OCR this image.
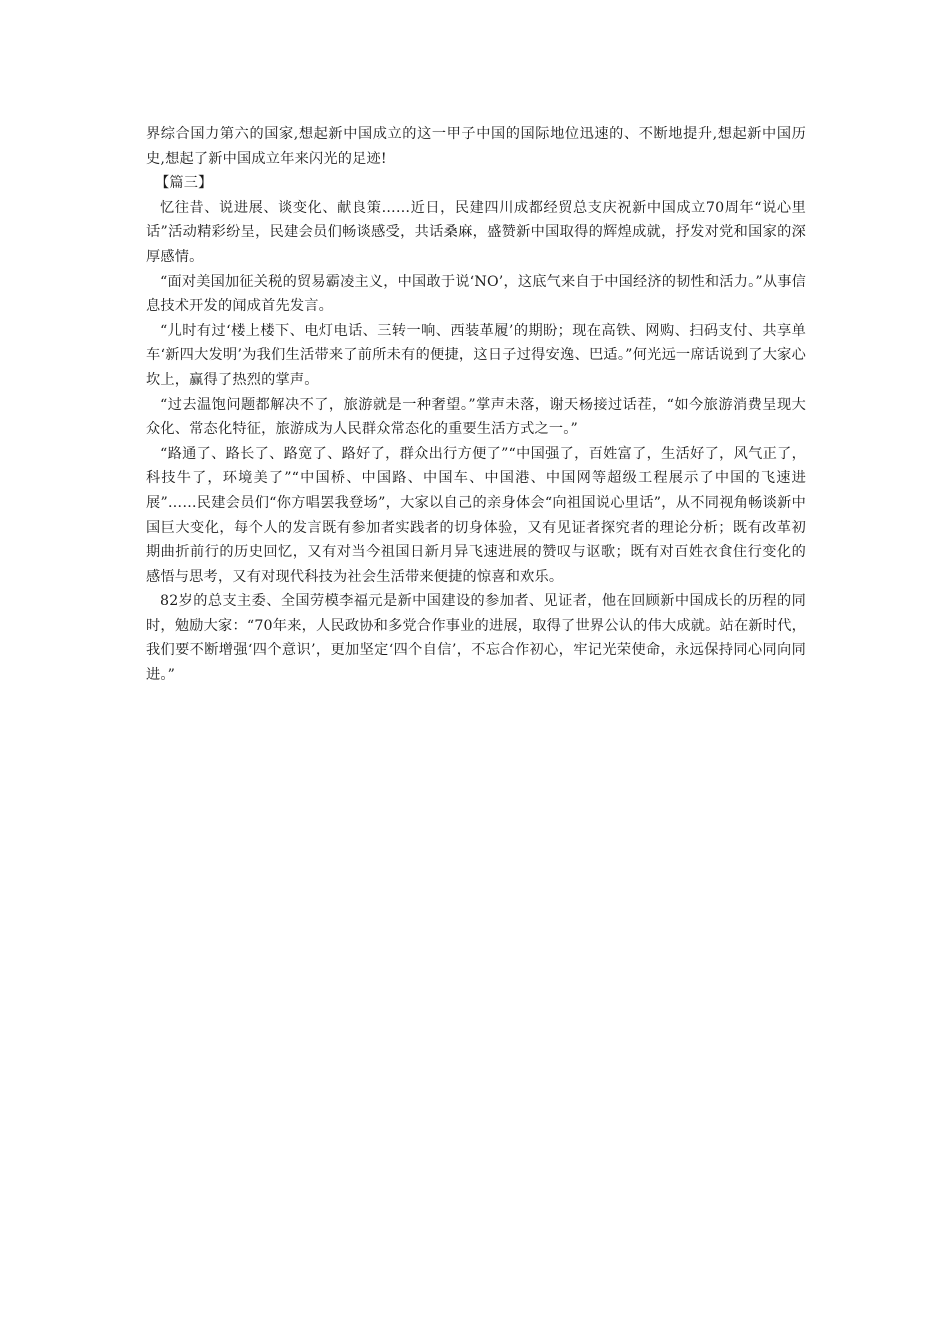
界综合国力第六的国家,想起新中国成立的这一甲子中国的国际地位迅速的、不断地提升,想起新中国历史,想起了新中国成立年来闪光的足迹!

【篇三】

忆往昔、说进展、谈变化、献良策……近日，民建四川成都经贸总支庆祝新中国成立70周年“说心里话”活动精彩纷呈，民建会员们畅谈感受，共话桑麻，盛赞新中国取得的辉煌成就，抒发对党和国家的深厚感情。

“面对美国加征关税的贸易霸凌主义，中国敢于说‘NO’，这底气来自于中国经济的韧性和活力。”从事信息技术开发的闻成首先发言。

“儿时有过‘楼上楼下、电灯电话、三转一响、西装革履’的期盼；现在高铁、网购、扫码支付、共享单车‘新四大发明’为我们生活带来了前所未有的便捷，这日子过得安逸、巴适。”何光远一席话说到了大家心坎上，赢得了热烈的掌声。

“过去温饱问题都解决不了，旅游就是一种奢望。”掌声未落，谢天杨接过话茬，“如今旅游消费呈现大众化、常态化特征，旅游成为人民群众常态化的重要生活方式之一。”

“路通了、路长了、路宽了、路好了，群众出行方便了”“中国强了，百姓富了，生活好了，风气正了，科技牛了，环境美了”“中国桥、中国路、中国车、中国港、中国网等超级工程展示了中国的飞速进展”……民建会员们“你方唱罢我登场”，大家以自己的亲身体会“向祖国说心里话”，从不同视角畅谈新中国巨大变化，每个人的发言既有参加者实践者的切身体验，又有见证者探究者的理论分析；既有改革初期曲折前行的历史回忆，又有对当今祖国日新月异飞速进展的赞叹与讴歌；既有对百姓衣食住行变化的感悟与思考，又有对现代科技为社会生活带来便捷的惊喜和欢乐。

82岁的总支主委、全国劳模李福元是新中国建设的参加者、见证者，他在回顾新中国成长的历程的同时，勉励大家：“70年来，人民政协和多党合作事业的进展，取得了世界公认的伟大成就。站在新时代，我们要不断增强‘四个意识’，更加坚定‘四个自信’，不忘合作初心，牢记光荣使命，永远保持同心同向同进。”
